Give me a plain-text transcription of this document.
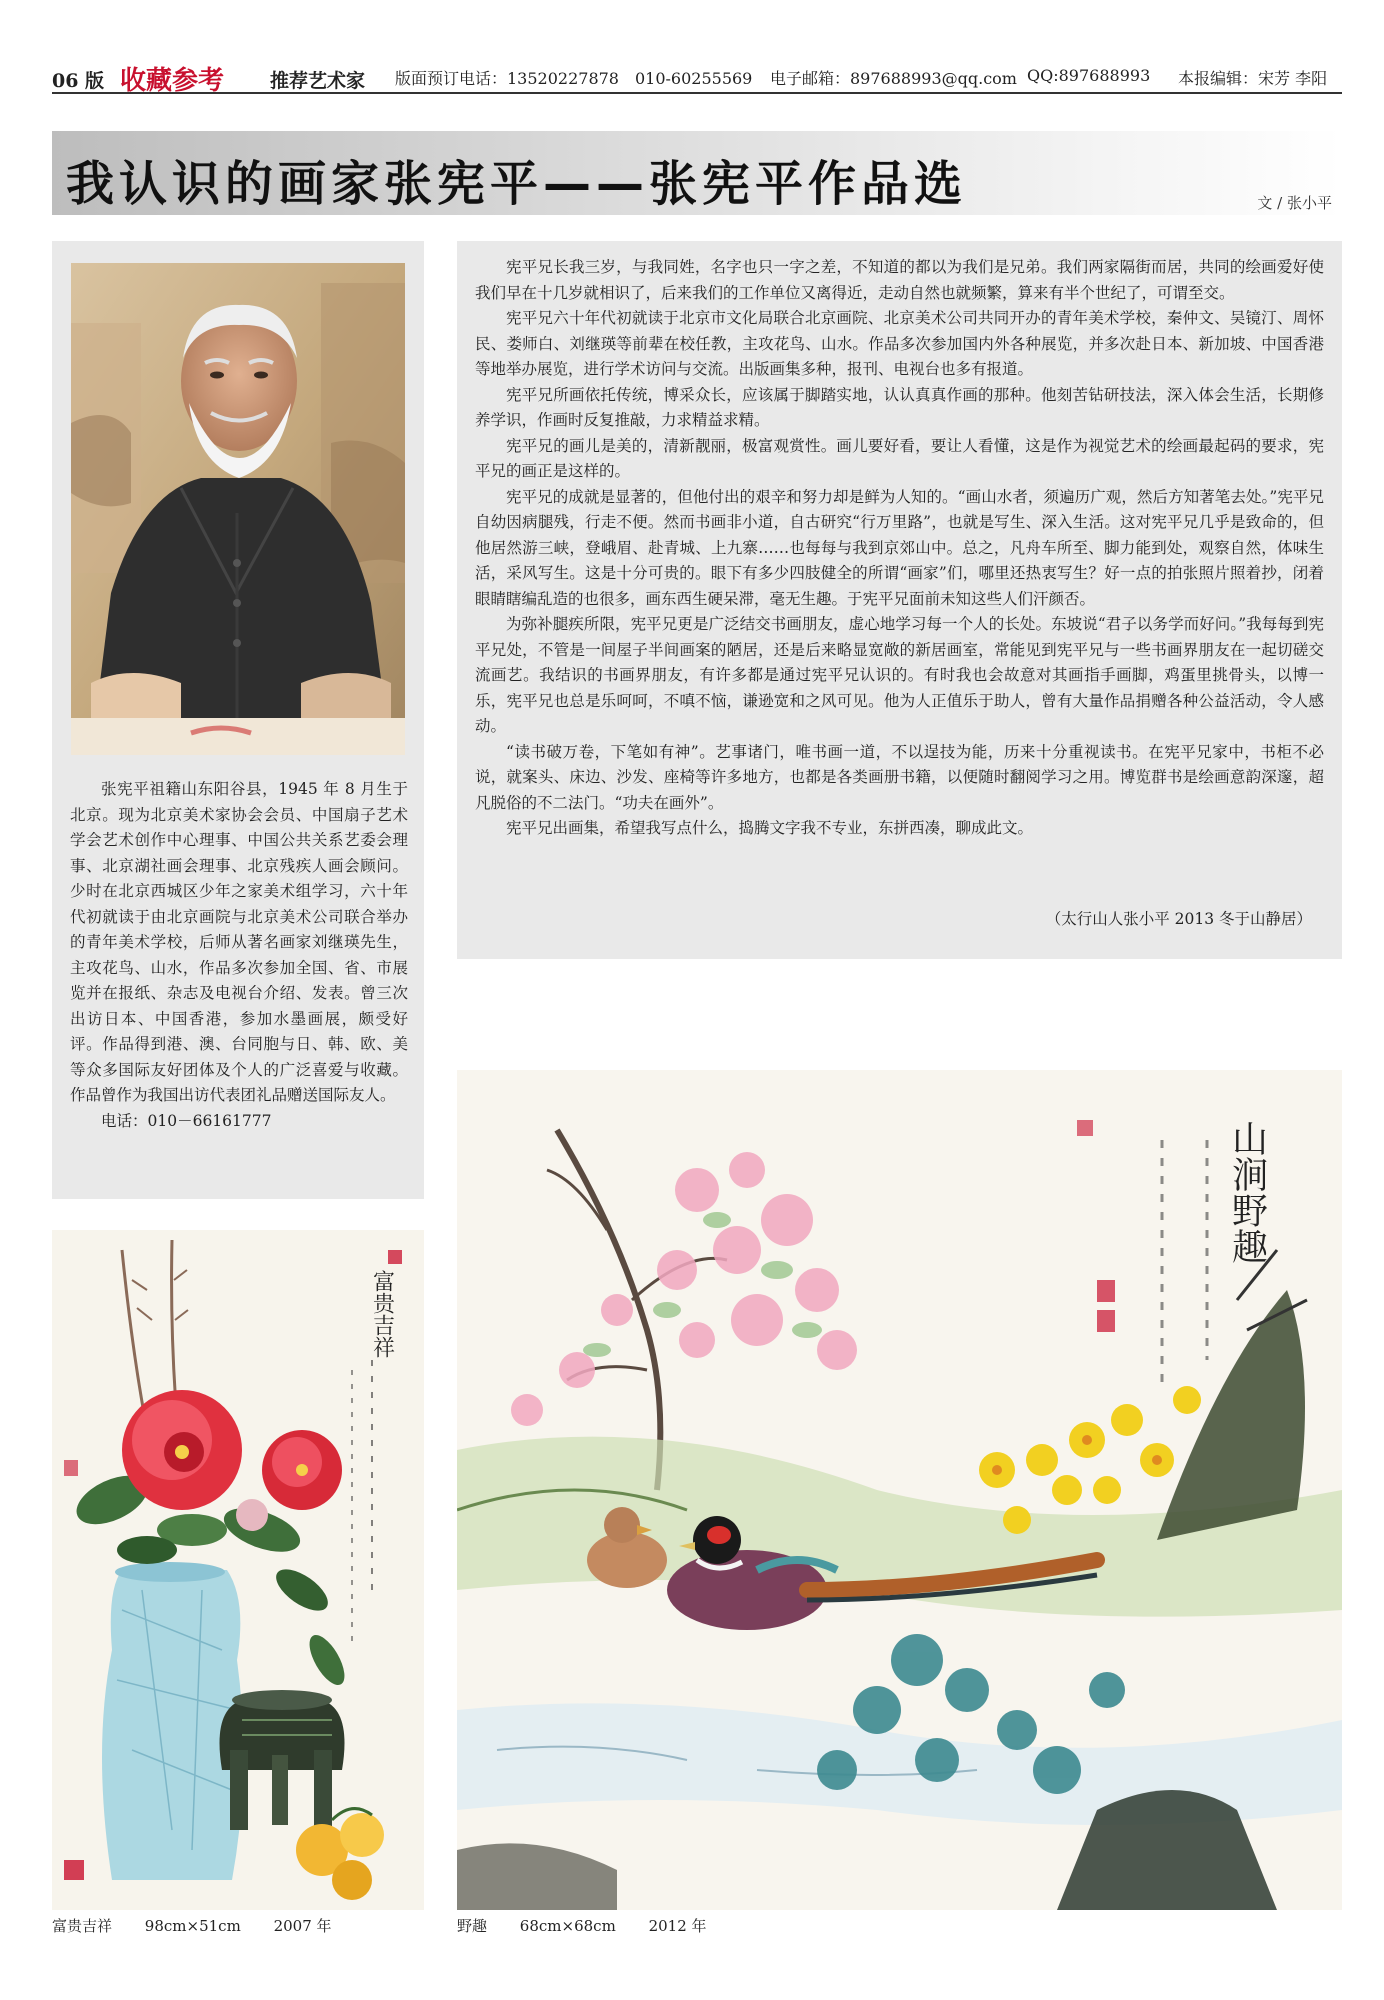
06 版 收藏参考 推荐艺术家 版面预订电话：13520227878　010-60255569 电子邮箱：897688993@qq.com QQ:897688993 本报编辑：宋芳 李阳
我认识的画家张宪平——张宪平作品选	文 / 张小平

张宪平祖籍山东阳谷县，1945 年 8 月生于北京。现为北京美术家协会会员、中国扇子艺术学会艺术创作中心理事、中国公共关系艺委会理事、北京湖社画会理事、北京残疾人画会顾问。少时在北京西城区少年之家美术组学习，六十年代初就读于由北京画院与北京美术公司联合举办的青年美术学校，后师从著名画家刘继瑛先生，主攻花鸟、山水，作品多次参加全国、省、市展览并在报纸、杂志及电视台介绍、发表。曾三次出访日本、中国香港，参加水墨画展，颇受好评。作品得到港、澳、台同胞与日、韩、欧、美等众多国际友好团体及个人的广泛喜爱与收藏。作品曾作为我国出访代表团礼品赠送国际友人。

电话：010－66161777

宪平兄长我三岁，与我同姓，名字也只一字之差，不知道的都以为我们是兄弟。我们两家隔街而居，共同的绘画爱好使我们早在十几岁就相识了，后来我们的工作单位又离得近，走动自然也就频繁，算来有半个世纪了，可谓至交。

宪平兄六十年代初就读于北京市文化局联合北京画院、北京美术公司共同开办的青年美术学校，秦仲文、吴镜汀、周怀民、娄师白、刘继瑛等前辈在校任教，主攻花鸟、山水。作品多次参加国内外各种展览，并多次赴日本、新加坡、中国香港等地举办展览，进行学术访问与交流。出版画集多种，报刊、电视台也多有报道。

宪平兄所画依托传统，博采众长，应该属于脚踏实地，认认真真作画的那种。他刻苦钻研技法，深入体会生活，长期修养学识，作画时反复推敲，力求精益求精。

宪平兄的画儿是美的，清新靓丽，极富观赏性。画儿要好看，要让人看懂，这是作为视觉艺术的绘画最起码的要求，宪平兄的画正是这样的。

宪平兄的成就是显著的，但他付出的艰辛和努力却是鲜为人知的。“画山水者，须遍历广观，然后方知著笔去处。”宪平兄自幼因病腿残，行走不便。然而书画非小道，自古研究“行万里路”，也就是写生、深入生活。这对宪平兄几乎是致命的，但他居然游三峡，登峨眉、赴青城、上九寨……也每每与我到京郊山中。总之，凡舟车所至、脚力能到处，观察自然，体味生活，采风写生。这是十分可贵的。眼下有多少四肢健全的所谓“画家”们，哪里还热衷写生？好一点的拍张照片照着抄，闭着眼睛瞎编乱造的也很多，画东西生硬呆滞，毫无生趣。于宪平兄面前未知这些人们汗颜否。

为弥补腿疾所限，宪平兄更是广泛结交书画朋友，虚心地学习每一个人的长处。东坡说“君子以务学而好问。”我每每到宪平兄处，不管是一间屋子半间画案的陋居，还是后来略显宽敞的新居画室，常能见到宪平兄与一些书画界朋友在一起切磋交流画艺。我结识的书画界朋友，有许多都是通过宪平兄认识的。有时我也会故意对其画指手画脚，鸡蛋里挑骨头，以博一乐，宪平兄也总是乐呵呵，不嗔不恼，谦逊宽和之风可见。他为人正值乐于助人，曾有大量作品捐赠各种公益活动，令人感动。

“读书破万卷，下笔如有神”。艺事诸门，唯书画一道，不以逞技为能，历来十分重视读书。在宪平兄家中，书柜不必说，就案头、床边、沙发、座椅等许多地方，也都是各类画册书籍，以便随时翻阅学习之用。博览群书是绘画意韵深邃，超凡脱俗的不二法门。“功夫在画外”。

宪平兄出画集，希望我写点什么，捣腾文字我不专业，东拼西凑，聊成此文。

（太行山人张小平 2013 冬于山静居）
富贵吉祥
山涧野趣
富贵吉祥 98cm×51cm 2007 年	野趣 68cm×68cm 2012 年
